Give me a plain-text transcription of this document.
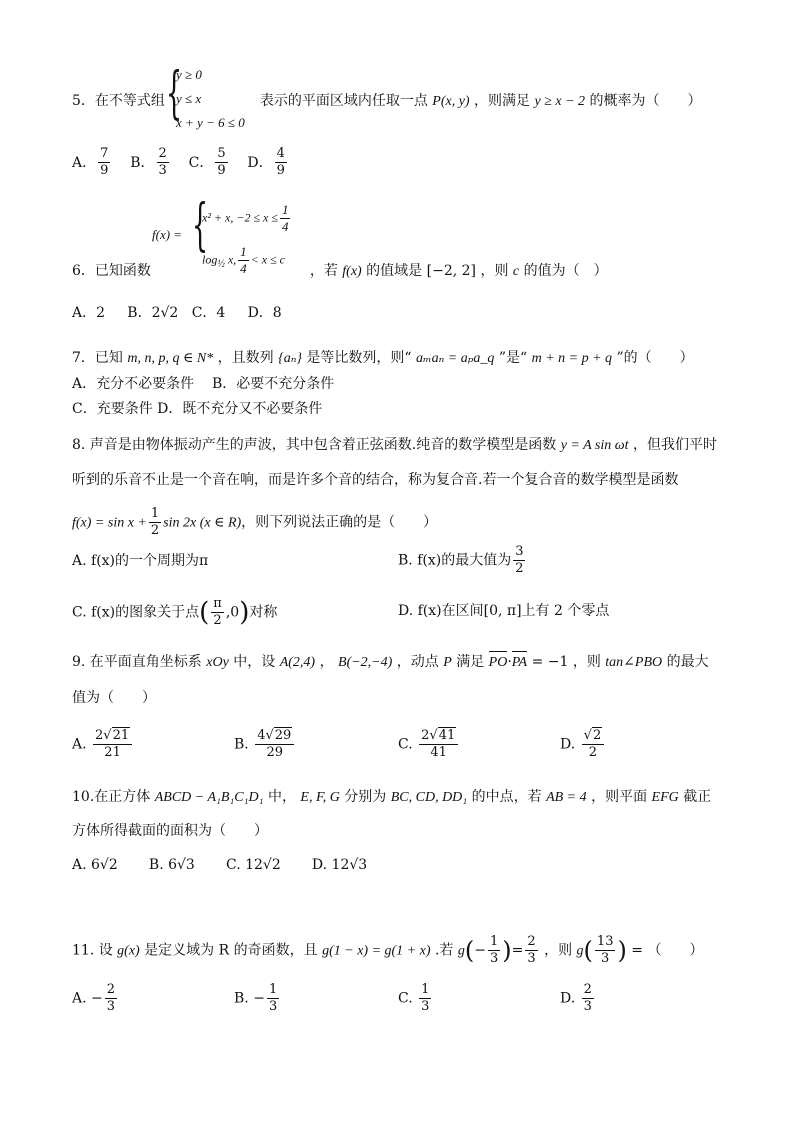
{
y ≥ 0
y ≤ x
x + y − 6 ≤ 0
5．在不等式组	表示的平面区域内任取一点 P(x, y) ，则满足 y ≥ x − 2 的概率为（　　）
A． $\frac{7}{9}$ B． $\frac{2}{3}$ C． $\frac{5}{9}$ D． $\frac{4}{9}$
f(x) = {
x² + x, $-2 \le x \le \frac{1}{4}$
$\log_{\frac{1}{2}} x$, $\frac{1}{4} < x \le c$
6．已知函数	，若 f(x) 的值域是 [−2, 2] ，则 c 的值为（　）
A．2 B．2√2 C．4 D．8
7．已知 m, n, p, q ∈ N* ，且数列 {aₙ} 是等比数列，则“ aₘaₙ = aₚa_q ”是“ m + n = p + q ”的（　　）
A．充分不必要条件 B．必要不充分条件
C．充要条件 D．既不充分又不必要条件
8. 声音是由物体振动产生的声波，其中包含着正弦函数.纯音的数学模型是函数 y = A sin ωt ，但我们平时
听到的乐音不止是一个音在响，而是许多个音的结合，称为复合音.若一个复合音的数学模型是函数
$f(x) = \sin x + \frac{1}{2}$ sin 2x (x ∈ R)，则下列说法正确的是（　　）
A. f(x)的一个周期为π	B. f(x)的最大值为 $\frac{3}{2}$
C. f(x)的图象关于点( $\frac{\pi}{2} ,0$)对称	D. f(x)在区间[0, π]上有 2 个零点
9. 在平面直角坐标系 xOy 中，设 A(2,4) ， B(−2,−4) ，动点 P 满足 PO·PA = −1 ，则 tan∠PBO 的最大
值为（　　）
A. $\frac{2√21}{21}$	B. $\frac{4√29}{29}$	C. $\frac{2√41}{41}$	D. $\frac{√2}{2}$
10.在正方体 ABCD − A₁B₁C₁D₁ 中， E, F, G 分别为 BC, CD, DD₁ 的中点，若 AB = 4 ，则平面 EFG 截正
方体所得截面的面积为（　　）
A. 6√2 B. 6√3 C. 12√2 D. 12√3
11. 设 g(x) 是定义域为 R 的奇函数，且 g(1 − x) = g(1 + x) .若 $g(- \frac{1}{3}$ )= $\frac{2}{3}$ ，则 $g( \frac{13}{3}$ ) = （　　）
A. − $\frac{2}{3}$	B. − $\frac{1}{3}$	C. $\frac{1}{3}$	D. $\frac{2}{3}$
